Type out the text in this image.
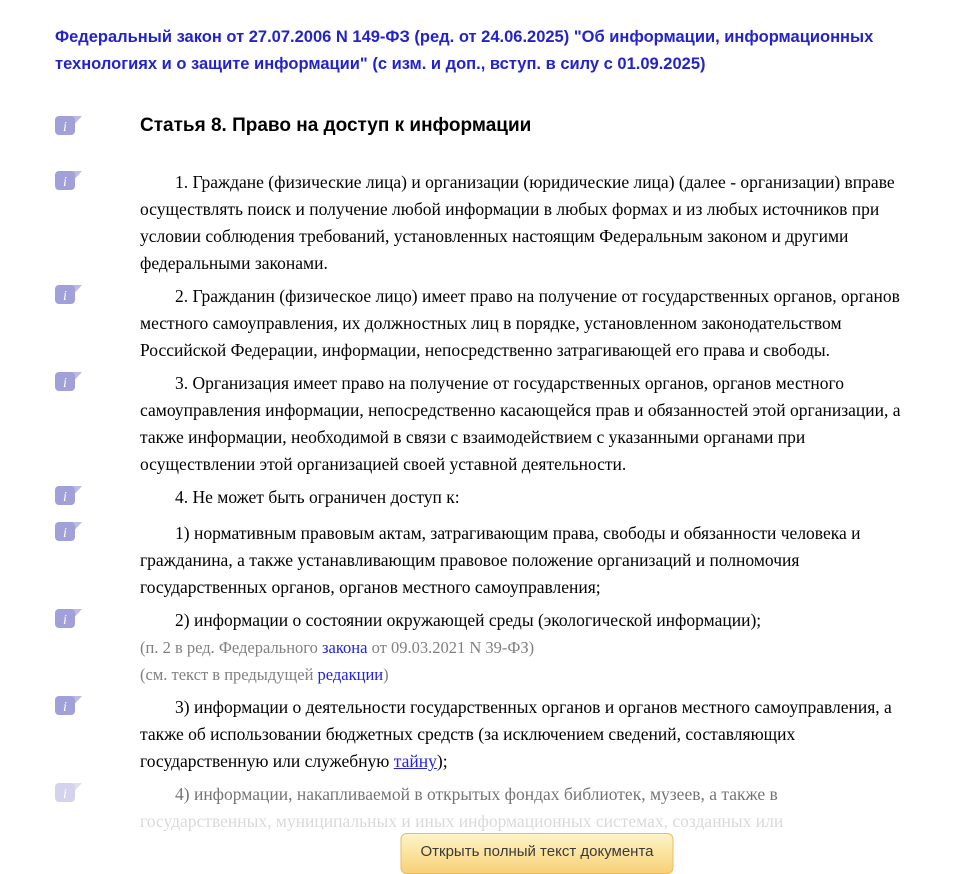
Федеральный закон от 27.07.2006 N 149-ФЗ (ред. от 24.06.2025) "Об информации, информационных технологиях и о защите информации" (с изм. и доп., вступ. в силу с 01.09.2025)
i	Статья 8. Право на доступ к информации
i	1. Граждане (физические лица) и организации (юридические лица) (далее - организации) вправе осуществлять поиск и получение любой информации в любых формах и из любых источников при условии соблюдения требований, установленных настоящим Федеральным законом и другими федеральными законами.
i	2. Гражданин (физическое лицо) имеет право на получение от государственных органов, органов местного самоуправления, их должностных лиц в порядке, установленном законодательством Российской Федерации, информации, непосредственно затрагивающей его права и свободы.
i	3. Организация имеет право на получение от государственных органов, органов местного самоуправления информации, непосредственно касающейся прав и обязанностей этой организации, а также информации, необходимой в связи с взаимодействием с указанными органами при осуществлении этой организацией своей уставной деятельности.
i	4. Не может быть ограничен доступ к:
i	1) нормативным правовым актам, затрагивающим права, свободы и обязанности человека и гражданина, а также устанавливающим правовое положение организаций и полномочия государственных органов, органов местного самоуправления;
i	2) информации о состоянии окружающей среды (экологической информации);
(п. 2 в ред. Федерального закона от 09.03.2021 N 39-ФЗ)
(см. текст в предыдущей редакции)
i	3) информации о деятельности государственных органов и органов местного самоуправления, а также об использовании бюджетных средств (за исключением сведений, составляющих государственную или служебную тайну);
i	4) информации, накапливаемой в открытых фондах библиотек, музеев, а также в
государственных, муниципальных и иных информационных системах, созданных или
Открыть полный текст документа
